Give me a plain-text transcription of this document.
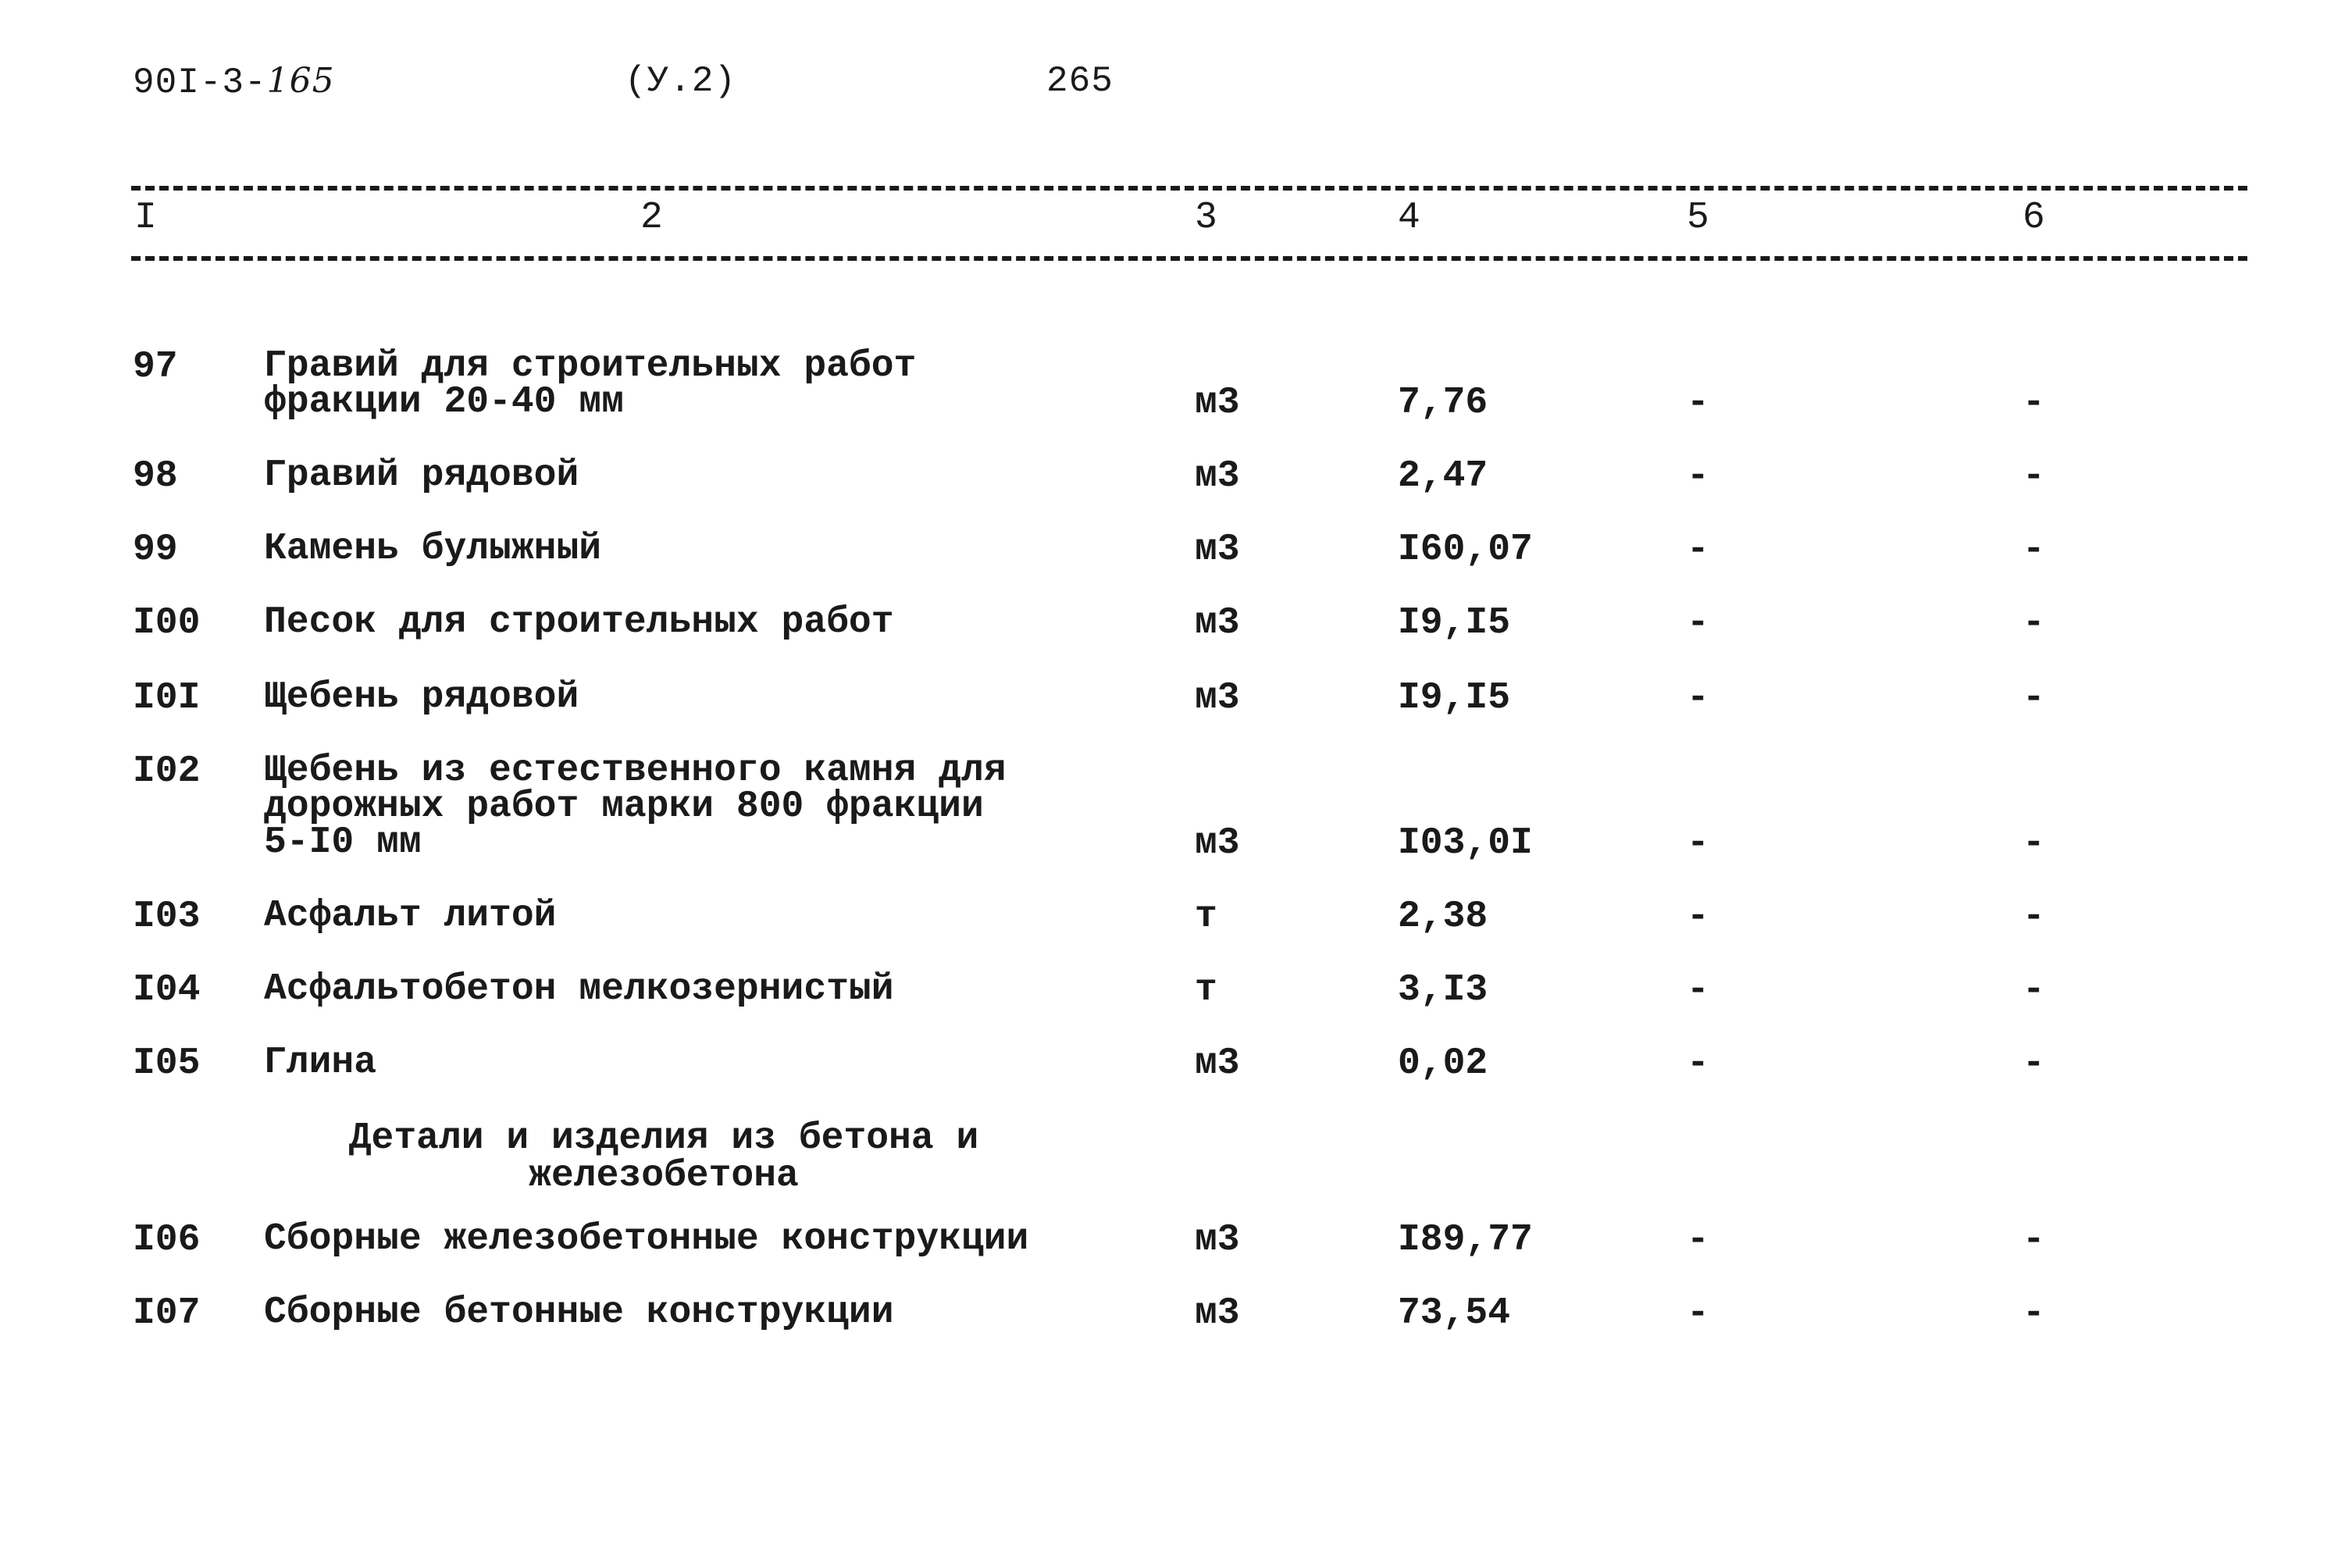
90I-3-165	(У.2)	265
I	2	3	4	5	6
97 Гравий для строительных работ
фракции 20-40 мм	м3	7,76	-	-
98 Гравий рядовой	м3	2,47	-	-
99 Камень булыжный	м3	I60,07	-	-
I00 Песок для строительных работ	м3	I9,I5	-	-
I0I Щебень рядовой	м3	I9,I5	-	-
I02 Щебень из естественного камня для
дорожных работ марки 800 фракции
5-I0 мм	м3	I03,0I	-	-
I03 Асфальт литой	т	2,38	-	-
I04 Асфальтобетон мелкозернистый	т	3,I3	-	-
I05 Глина	м3	0,02	-	-
Детали и изделия из бетона и
железобетона
I06 Сборные железобетонные конструкции	м3	I89,77	-	-
I07 Сборные бетонные конструкции	м3	73,54	-	-
